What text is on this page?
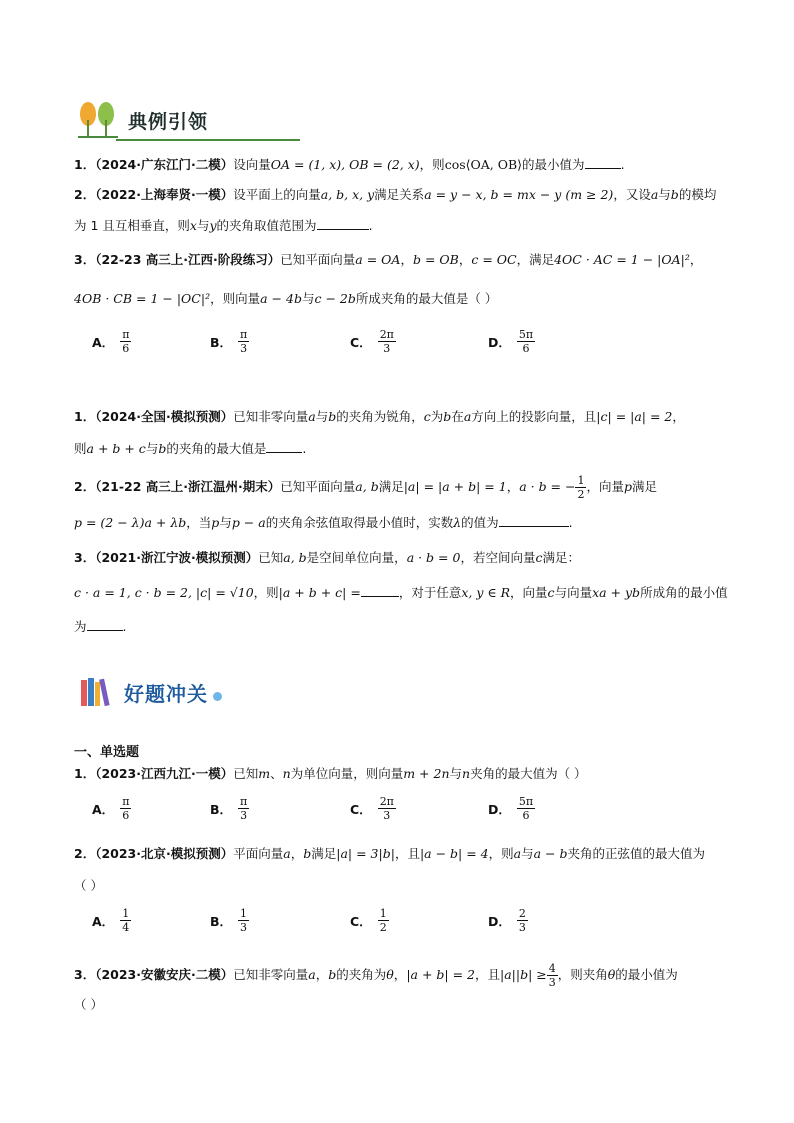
典例引领
1．（2024·广东江门·二模）设向量OA = (1, x), OB = (2, x)，则cos⟨OA, OB⟩的最小值为	.
2．（2022·上海奉贤·一模）设平面上的向量a, b, x, y满足关系a = y − x, b = mx − y (m ≥ 2)，又设a与b的模均
为 1 且互相垂直，则x与y的夹角取值范围为	.
3．（22-23 高三上·江西·阶段练习）已知平面向量a = OA，b = OB，c = OC，满足4OC · AC = 1 − |OA|²，
4OB · CB = 1 − |OC|²，则向量a − 4b与c − 2b所成夹角的最大值是（ ）
A． $\frac{\pi}{6}$	B． $\frac{\pi}{3}$	C． $\frac{2\pi}{3}$	D． $\frac{5\pi}{6}$
1．（2024·全国·模拟预测）已知非零向量a与b的夹角为锐角，c为b在a方向上的投影向量，且|c| = |a| = 2，
则a + b + c与b的夹角的最大值是	.
2．（21-22 高三上·浙江温州·期末）已知平面向量a, b满足|a| = |a + b| = 1，a · b = − $\frac{1}{2}$ ，向量p满足
p = (2 − λ)a + λb，当p与p − a的夹角余弦值取得最小值时，实数λ的值为	.
3．（2021·浙江宁波·模拟预测）已知a, b是空间单位向量，a · b = 0，若空间向量c满足：
c · a = 1, c · b = 2, |c| = √10，则|a + b + c| =	，对于任意x, y ∈ R，向量c与向量xa + yb所成角的最小值
为	.
好题冲关
一、单选题
1．（2023·江西九江·一模）已知m、n为单位向量，则向量m + 2n与n夹角的最大值为（ ）
A． $\frac{\pi}{6}$	B． $\frac{\pi}{3}$	C． $\frac{2\pi}{3}$	D． $\frac{5\pi}{6}$
2．（2023·北京·模拟预测）平面向量a，b满足|a| = 3|b|，且|a − b| = 4，则a与a − b夹角的正弦值的最大值为
（ ）
A． $\frac{1}{4}$	B． $\frac{1}{3}$	C． $\frac{1}{2}$	D． $\frac{2}{3}$
3．（2023·安徽安庆·二模）已知非零向量a，b的夹角为θ，|a + b| = 2，且$|a||b| \ge \frac{4}{3}$ ，则夹角θ的最小值为
（ ）
